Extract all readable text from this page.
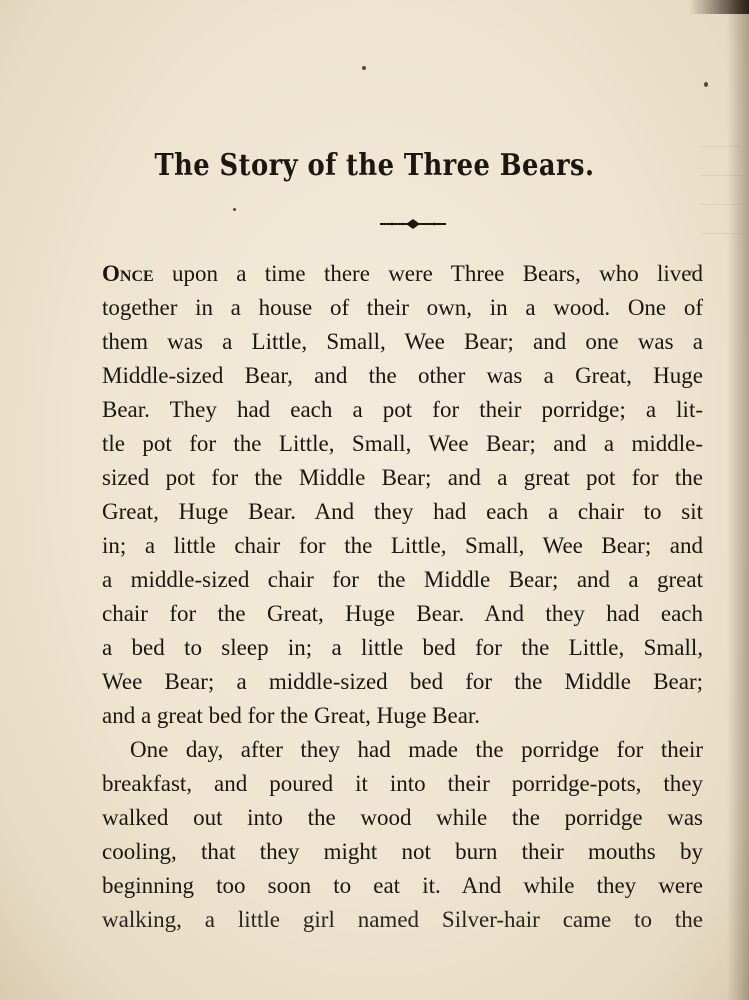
The Story of the Three Bears.
Once upon a time there were Three Bears, who lived
together in a house of their own, in a wood. One of
them was a Little, Small, Wee Bear; and one was a
Middle-sized Bear, and the other was a Great, Huge
Bear. They had each a pot for their porridge; a lit-
tle pot for the Little, Small, Wee Bear; and a middle-
sized pot for the Middle Bear; and a great pot for the
Great, Huge Bear. And they had each a chair to sit
in; a little chair for the Little, Small, Wee Bear; and
a middle-sized chair for the Middle Bear; and a great
chair for the Great, Huge Bear. And they had each
a bed to sleep in; a little bed for the Little, Small,
Wee Bear; a middle-sized bed for the Middle Bear;
and a great bed for the Great, Huge Bear.
One day, after they had made the porridge for their
breakfast, and poured it into their porridge-pots, they
walked out into the wood while the porridge was
cooling, that they might not burn their mouths by
beginning too soon to eat it. And while they were
walking, a little girl named Silver-hair came to the
